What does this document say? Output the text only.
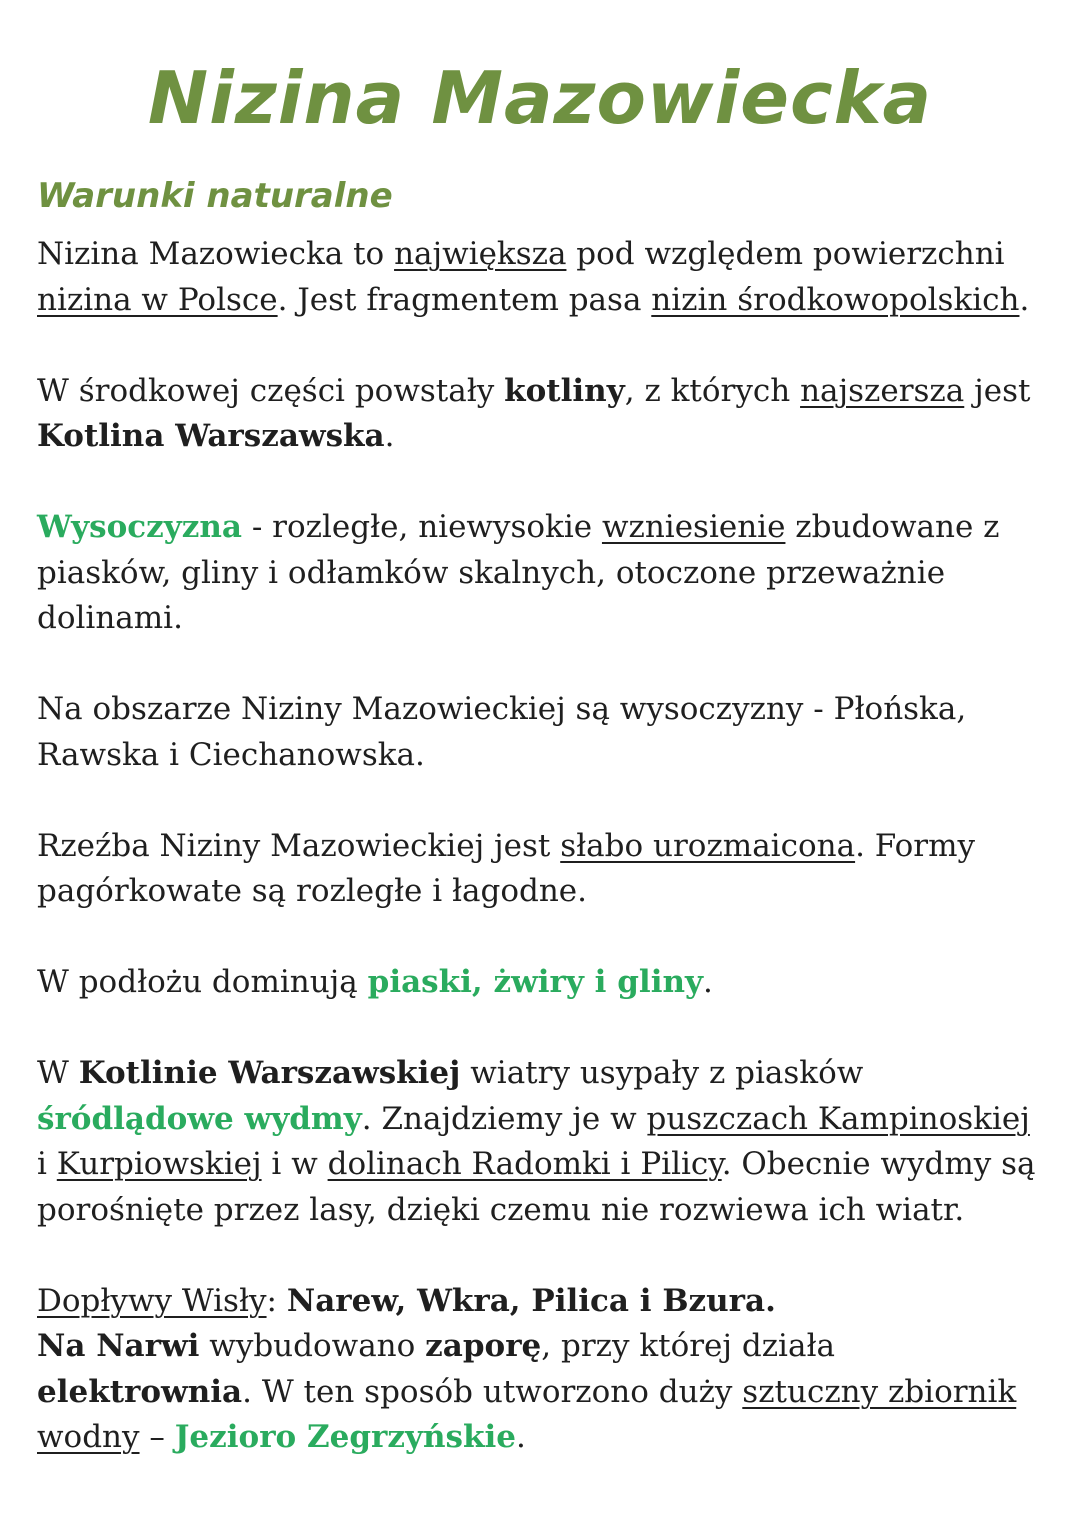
Nizina Mazowiecka
Warunki naturalne

Nizina Mazowiecka to największa pod względem powierzchni nizina w Polsce. Jest fragmentem pasa nizin środkowopolskich.

W środkowej części powstały kotliny, z których najszersza jest
Kotlina Warszawska.

Wysoczyzna - rozległe, niewysokie wzniesienie zbudowane z piasków, gliny i odłamków skalnych, otoczone przeważnie dolinami.

Na obszarze Niziny Mazowieckiej są wysoczyzny - Płońska, Rawska i Ciechanowska.

Rzeźba Niziny Mazowieckiej jest słabo urozmaicona. Formy pagórkowate są rozległe i łagodne.

W podłożu dominują piaski, żwiry i gliny.

W Kotlinie Warszawskiej wiatry usypały z piasków
śródlądowe wydmy. Znajdziemy je w puszczach Kampinoskiej
i Kurpiowskiej i w dolinach Radomki i Pilicy. Obecnie wydmy są porośnięte przez lasy, dzięki czemu nie rozwiewa ich wiatr.

Dopływy Wisły: Narew, Wkra, Pilica i Bzura.

Na Narwi wybudowano zaporę, przy której działa
elektrownia. W ten sposób utworzono duży sztuczny zbiornik wodny – Jezioro Zegrzyńskie.
